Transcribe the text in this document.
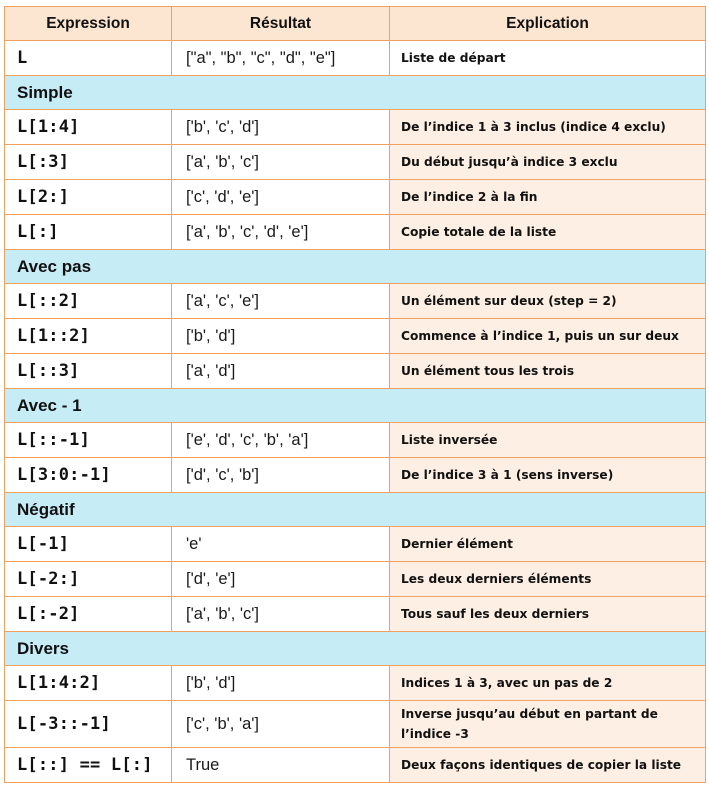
Expression	Résultat	Explication
L	["a", "b", "c", "d", "e"]	Liste de départ
Simple		
L[1:4]	['b', 'c', 'd']	De l’indice 1 à 3 inclus (indice 4 exclu)
L[:3]	['a', 'b', 'c']	Du début jusqu’à indice 3 exclu
L[2:]	['c', 'd', 'e']	De l’indice 2 à la fin
L[:]	['a', 'b', 'c', 'd', 'e']	Copie totale de la liste
Avec pas		
L[::2]	['a', 'c', 'e']	Un élément sur deux (step = 2)
L[1::2]	['b', 'd']	Commence à l’indice 1, puis un sur deux
L[::3]	['a', 'd']	Un élément tous les trois
Avec - 1		
L[::-1]	['e', 'd', 'c', 'b', 'a']	Liste inversée
L[3:0:-1]	['d', 'c', 'b']	De l’indice 3 à 1 (sens inverse)
Négatif		
L[-1]	'e'	Dernier élément
L[-2:]	['d', 'e']	Les deux derniers éléments
L[:-2]	['a', 'b', 'c']	Tous sauf les deux derniers
Divers		
L[1:4:2]	['b', 'd']	Indices 1 à 3, avec un pas de 2
L[-3::-1]	['c', 'b', 'a']	Inverse jusqu’au début en partant de l’indice -3
L[::] == L[:]	True	Deux façons identiques de copier la liste
